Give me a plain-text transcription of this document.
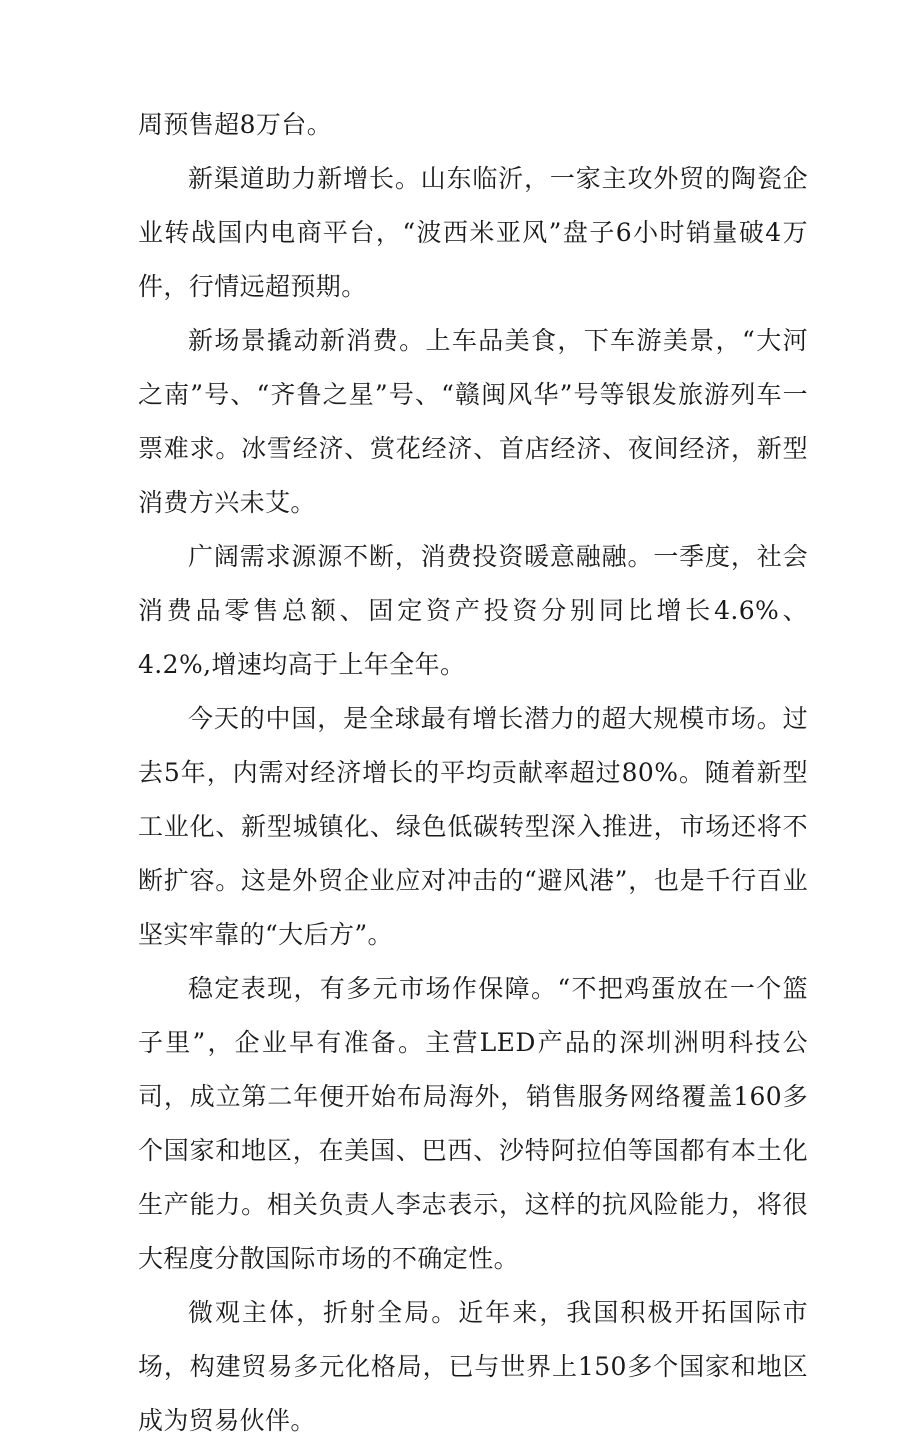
周预售超8万台。

新渠道助力新增长。山东临沂，一家主攻外贸的陶瓷企业转战国内电商平台，“波西米亚风”盘子6小时销量破4万件，行情远超预期。

新场景撬动新消费。上车品美食，下车游美景，“大河之南”号、“齐鲁之星”号、“赣闽风华”号等银发旅游列车一票难求。冰雪经济、赏花经济、首店经济、夜间经济，新型消费方兴未艾。

广阔需求源源不断，消费投资暖意融融。一季度，社会消费品零售总额、固定资产投资分别同比增长4.6%、4.2%,增速均高于上年全年。

今天的中国，是全球最有增长潜力的超大规模市场。过去5年，内需对经济增长的平均贡献率超过80%。随着新型工业化、新型城镇化、绿色低碳转型深入推进，市场还将不断扩容。这是外贸企业应对冲击的“避风港”，也是千行百业坚实牢靠的“大后方”。

稳定表现，有多元市场作保障。“不把鸡蛋放在一个篮子里”，企业早有准备。主营LED产品的深圳洲明科技公司，成立第二年便开始布局海外，销售服务网络覆盖160多个国家和地区，在美国、巴西、沙特阿拉伯等国都有本土化生产能力。相关负责人李志表示，这样的抗风险能力，将很大程度分散国际市场的不确定性。

微观主体，折射全局。近年来，我国积极开拓国际市场，构建贸易多元化格局，已与世界上150多个国家和地区成为贸易伙伴。
